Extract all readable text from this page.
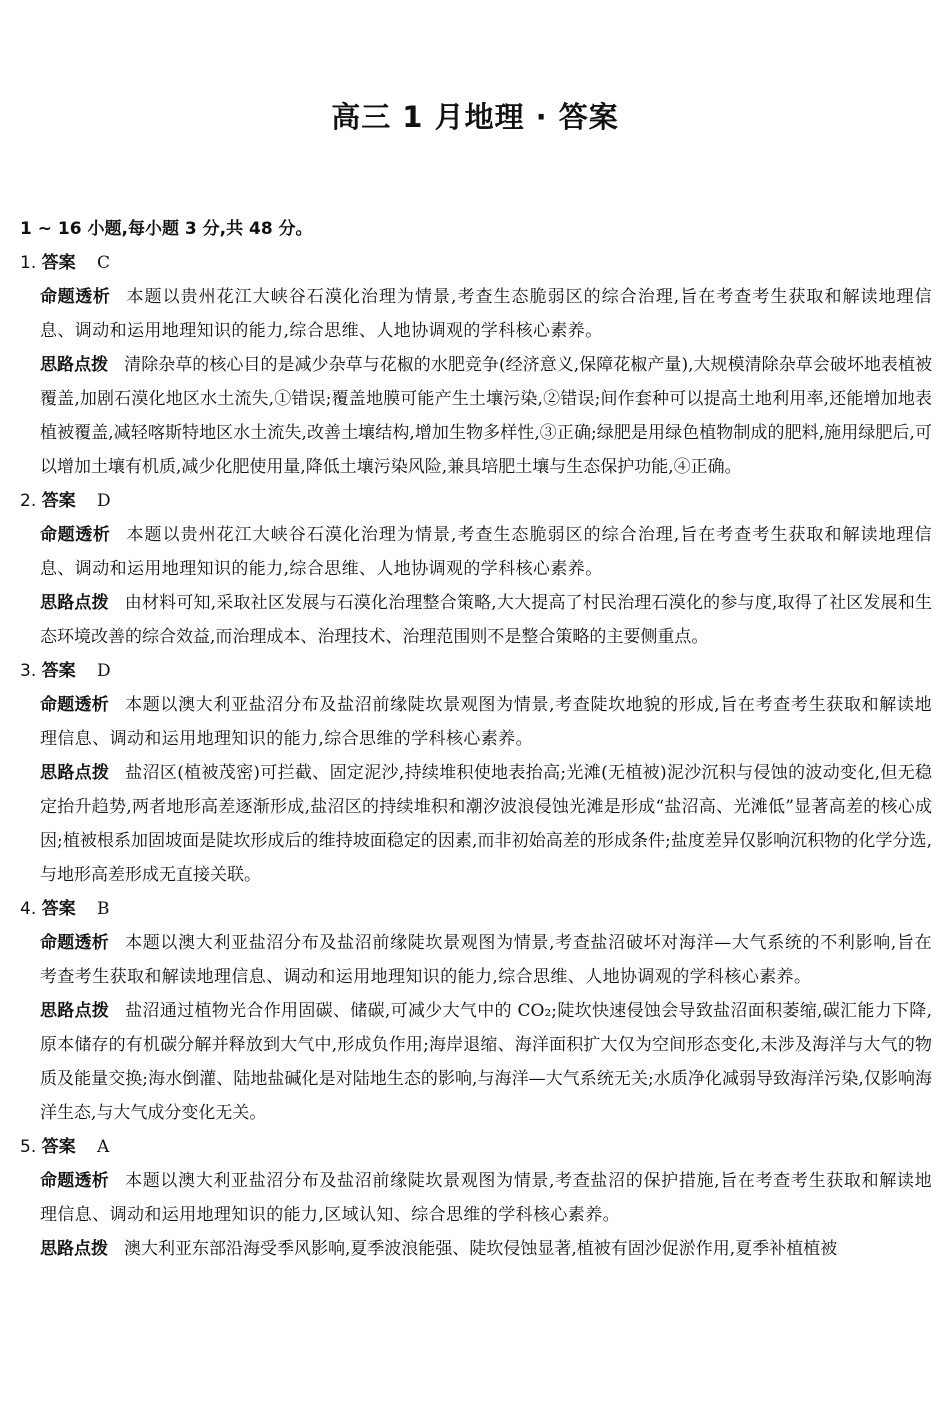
高三 1 月地理 · 答案
1 ~ 16 小题,每小题 3 分,共 48 分。
1. 答案 C
命题透析 本题以贵州花江大峡谷石漠化治理为情景,考查生态脆弱区的综合治理,旨在考查考生获取和解读地理信息、调动和运用地理知识的能力,综合思维、人地协调观的学科核心素养。
思路点拨 清除杂草的核心目的是减少杂草与花椒的水肥竞争(经济意义,保障花椒产量),大规模清除杂草会破坏地表植被覆盖,加剧石漠化地区水土流失,①错误;覆盖地膜可能产生土壤污染,②错误;间作套种可以提高土地利用率,还能增加地表植被覆盖,减轻喀斯特地区水土流失,改善土壤结构,增加生物多样性,③正确;绿肥是用绿色植物制成的肥料,施用绿肥后,可以增加土壤有机质,减少化肥使用量,降低土壤污染风险,兼具培肥土壤与生态保护功能,④正确。
2. 答案 D
命题透析 本题以贵州花江大峡谷石漠化治理为情景,考查生态脆弱区的综合治理,旨在考查考生获取和解读地理信息、调动和运用地理知识的能力,综合思维、人地协调观的学科核心素养。
思路点拨 由材料可知,采取社区发展与石漠化治理整合策略,大大提高了村民治理石漠化的参与度,取得了社区发展和生态环境改善的综合效益,而治理成本、治理技术、治理范围则不是整合策略的主要侧重点。
3. 答案 D
命题透析 本题以澳大利亚盐沼分布及盐沼前缘陡坎景观图为情景,考查陡坎地貌的形成,旨在考查考生获取和解读地理信息、调动和运用地理知识的能力,综合思维的学科核心素养。
思路点拨 盐沼区(植被茂密)可拦截、固定泥沙,持续堆积使地表抬高;光滩(无植被)泥沙沉积与侵蚀的波动变化,但无稳定抬升趋势,两者地形高差逐渐形成,盐沼区的持续堆积和潮汐波浪侵蚀光滩是形成“盐沼高、光滩低”显著高差的核心成因;植被根系加固坡面是陡坎形成后的维持坡面稳定的因素,而非初始高差的形成条件;盐度差异仅影响沉积物的化学分选,与地形高差形成无直接关联。
4. 答案 B
命题透析 本题以澳大利亚盐沼分布及盐沼前缘陡坎景观图为情景,考查盐沼破坏对海洋—大气系统的不利影响,旨在考查考生获取和解读地理信息、调动和运用地理知识的能力,综合思维、人地协调观的学科核心素养。
思路点拨 盐沼通过植物光合作用固碳、储碳,可减少大气中的 CO₂;陡坎快速侵蚀会导致盐沼面积萎缩,碳汇能力下降,原本储存的有机碳分解并释放到大气中,形成负作用;海岸退缩、海洋面积扩大仅为空间形态变化,未涉及海洋与大气的物质及能量交换;海水倒灌、陆地盐碱化是对陆地生态的影响,与海洋—大气系统无关;水质净化减弱导致海洋污染,仅影响海洋生态,与大气成分变化无关。
5. 答案 A
命题透析 本题以澳大利亚盐沼分布及盐沼前缘陡坎景观图为情景,考查盐沼的保护措施,旨在考查考生获取和解读地理信息、调动和运用地理知识的能力,区域认知、综合思维的学科核心素养。
思路点拨 澳大利亚东部沿海受季风影响,夏季波浪能强、陡坎侵蚀显著,植被有固沙促淤作用,夏季补植植被
